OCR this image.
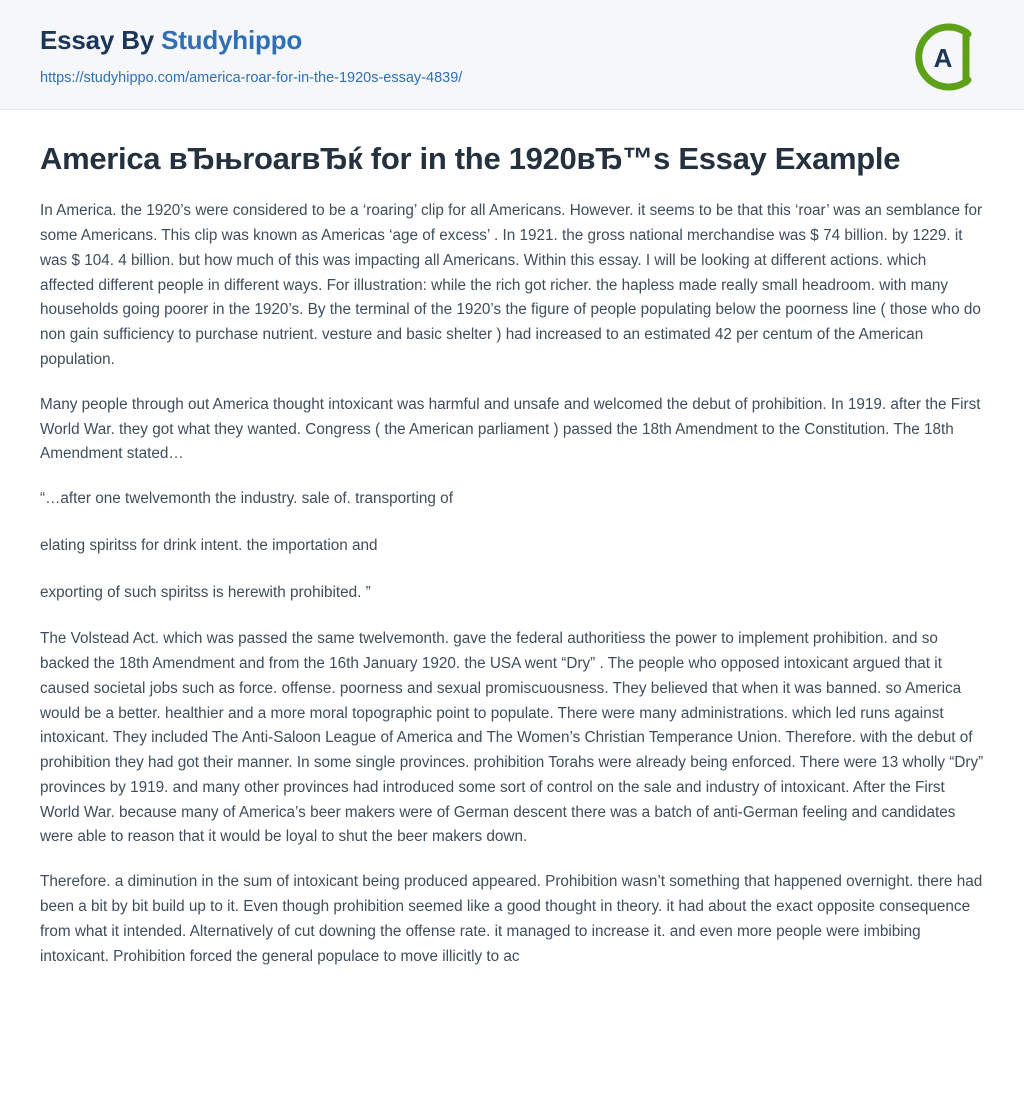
Essay By Studyhippo
https://studyhippo.com/america-roar-for-in-the-1920s-essay-4839/
A
America вЂњroarвЂќ for in the 1920вЂ™s Essay Example

In America. the 1920’s were considered to be a ‘roaring’ clip for all Americans. However. it seems to be that this ‘roar’ was an semblance for some Americans. This clip was known as Americas ‘age of excess’ . In 1921. the gross national merchandise was $ 74 billion. by 1229. it was $ 104. 4 billion. but how much of this was impacting all Americans. Within this essay. I will be looking at different actions. which affected different people in different ways. For illustration: while the rich got richer. the hapless made really small headroom. with many households going poorer in the 1920’s. By the terminal of the 1920’s the figure of people populating below the poorness line ( those who do non gain sufficiency to purchase nutrient. vesture and basic shelter ) had increased to an estimated 42 per centum of the American population.

Many people through out America thought intoxicant was harmful and unsafe and welcomed the debut of prohibition. In 1919. after the First World War. they got what they wanted. Congress ( the American parliament ) passed the 18th Amendment to the Constitution. The 18th Amendment stated…

“…after one twelvemonth the industry. sale of. transporting of

elating spiritss for drink intent. the importation and

exporting of such spiritss is herewith prohibited. ”

The Volstead Act. which was passed the same twelvemonth. gave the federal authoritiess the power to implement prohibition. and so backed the 18th Amendment and from the 16th January 1920. the USA went “Dry” . The people who opposed intoxicant argued that it caused societal jobs such as force. offense. poorness and sexual promiscuousness. They believed that when it was banned. so America would be a better. healthier and a more moral topographic point to populate. There were many administrations. which led runs against intoxicant. They included The Anti-Saloon League of America and The Women’s Christian Temperance Union. Therefore. with the debut of prohibition they had got their manner. In some single provinces. prohibition Torahs were already being enforced. There were 13 wholly “Dry” provinces by 1919. and many other provinces had introduced some sort of control on the sale and industry of intoxicant. After the First World War. because many of America’s beer makers were of German descent there was a batch of anti-German feeling and candidates were able to reason that it would be loyal to shut the beer makers down.

Therefore. a diminution in the sum of intoxicant being produced appeared. Prohibition wasn’t something that happened overnight. there had been a bit by bit build up to it. Even though prohibition seemed like a good thought in theory. it had about the exact opposite consequence from what it intended. Alternatively of cut downing the offense rate. it managed to increase it. and even more people were imbibing intoxicant. Prohibition forced the general populace to move illicitly to ac
